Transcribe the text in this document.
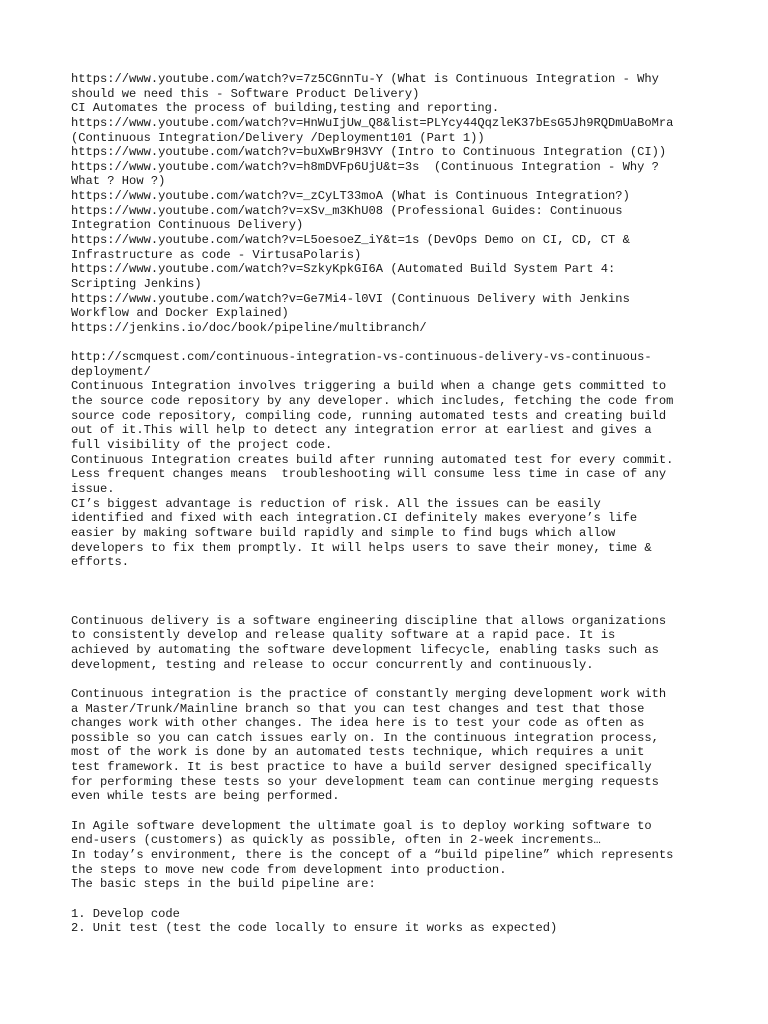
https://www.youtube.com/watch?v=7z5CGnnTu-Y (What is Continuous Integration - Why
should we need this - Software Product Delivery)
CI Automates the process of building,testing and reporting.
https://www.youtube.com/watch?v=HnWuIjUw_Q8&list=PLYcy44QqzleK37bEsG5Jh9RQDmUaBoMra
(Continuous Integration/Delivery /Deployment101 (Part 1))
https://www.youtube.com/watch?v=buXwBr9H3VY (Intro to Continuous Integration (CI))
https://www.youtube.com/watch?v=h8mDVFp6UjU&t=3s  (Continuous Integration - Why ?
What ? How ?)
https://www.youtube.com/watch?v=_zCyLT33moA (What is Continuous Integration?)
https://www.youtube.com/watch?v=xSv_m3KhU08 (Professional Guides: Continuous
Integration Continuous Delivery)
https://www.youtube.com/watch?v=L5oesoeZ_iY&t=1s (DevOps Demo on CI, CD, CT &
Infrastructure as code - VirtusaPolaris)
https://www.youtube.com/watch?v=SzkyKpkGI6A (Automated Build System Part 4:
Scripting Jenkins)
https://www.youtube.com/watch?v=Ge7Mi4-l0VI (Continuous Delivery with Jenkins
Workflow and Docker Explained)
https://jenkins.io/doc/book/pipeline/multibranch/
http://scmquest.com/continuous-integration-vs-continuous-delivery-vs-continuous-
deployment/
Continuous Integration involves triggering a build when a change gets committed to
the source code repository by any developer. which includes, fetching the code from
source code repository, compiling code, running automated tests and creating build
out of it.This will help to detect any integration error at earliest and gives a
full visibility of the project code.
Continuous Integration creates build after running automated test for every commit.
Less frequent changes means  troubleshooting will consume less time in case of any
issue.
CI’s biggest advantage is reduction of risk. All the issues can be easily
identified and fixed with each integration.CI definitely makes everyone’s life
easier by making software build rapidly and simple to find bugs which allow
developers to fix them promptly. It will helps users to save their money, time &
efforts.
Continuous delivery is a software engineering discipline that allows organizations
to consistently develop and release quality software at a rapid pace. It is
achieved by automating the software development lifecycle, enabling tasks such as
development, testing and release to occur concurrently and continuously.
Continuous integration is the practice of constantly merging development work with
a Master/Trunk/Mainline branch so that you can test changes and test that those
changes work with other changes. The idea here is to test your code as often as
possible so you can catch issues early on. In the continuous integration process,
most of the work is done by an automated tests technique, which requires a unit
test framework. It is best practice to have a build server designed specifically
for performing these tests so your development team can continue merging requests
even while tests are being performed.
In Agile software development the ultimate goal is to deploy working software to
end-users (customers) as quickly as possible, often in 2-week increments…
In today’s environment, there is the concept of a “build pipeline” which represents
the steps to move new code from development into production.
The basic steps in the build pipeline are:
1. Develop code
2. Unit test (test the code locally to ensure it works as expected)
